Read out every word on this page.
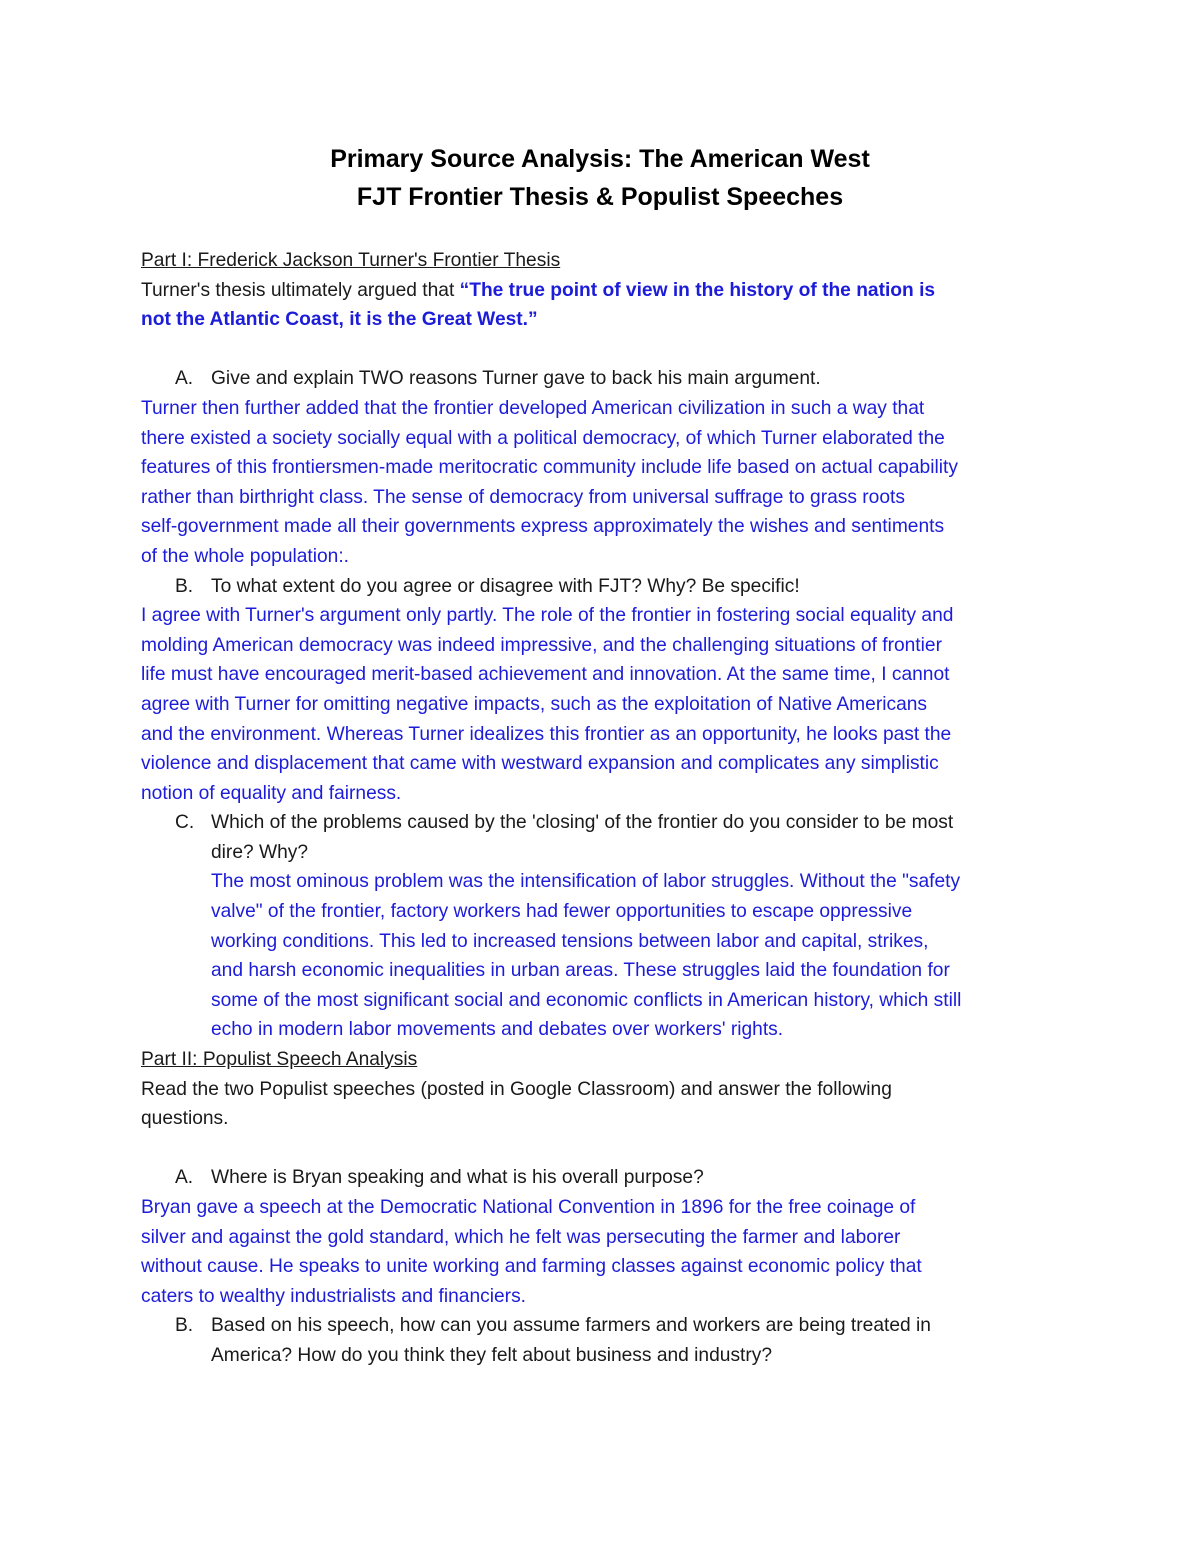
Primary Source Analysis: The American West
FJT Frontier Thesis & Populist Speeches
Part I: Frederick Jackson Turner's Frontier Thesis
Turner's thesis ultimately argued that “The true point of view in the history of the nation is
not the Atlantic Coast, it is the Great West.”
A. Give and explain TWO reasons Turner gave to back his main argument.
Turner then further added that the frontier developed American civilization in such a way that
there existed a society socially equal with a political democracy, of which Turner elaborated the
features of this frontiersmen-made meritocratic community include life based on actual capability
rather than birthright class. The sense of democracy from universal suffrage to grass roots
self-government made all their governments express approximately the wishes and sentiments
of the whole population:.
B. To what extent do you agree or disagree with FJT? Why? Be specific!
I agree with Turner's argument only partly. The role of the frontier in fostering social equality and
molding American democracy was indeed impressive, and the challenging situations of frontier
life must have encouraged merit-based achievement and innovation. At the same time, I cannot
agree with Turner for omitting negative impacts, such as the exploitation of Native Americans
and the environment. Whereas Turner idealizes this frontier as an opportunity, he looks past the
violence and displacement that came with westward expansion and complicates any simplistic
notion of equality and fairness.
C. Which of the problems caused by the 'closing' of the frontier do you consider to be most
dire? Why?
The most ominous problem was the intensification of labor struggles. Without the "safety
valve" of the frontier, factory workers had fewer opportunities to escape oppressive
working conditions. This led to increased tensions between labor and capital, strikes,
and harsh economic inequalities in urban areas. These struggles laid the foundation for
some of the most significant social and economic conflicts in American history, which still
echo in modern labor movements and debates over workers' rights.
Part II: Populist Speech Analysis
Read the two Populist speeches (posted in Google Classroom) and answer the following
questions.
A. Where is Bryan speaking and what is his overall purpose?
Bryan gave a speech at the Democratic National Convention in 1896 for the free coinage of
silver and against the gold standard, which he felt was persecuting the farmer and laborer
without cause. He speaks to unite working and farming classes against economic policy that
caters to wealthy industrialists and financiers.
B. Based on his speech, how can you assume farmers and workers are being treated in
America? How do you think they felt about business and industry?
